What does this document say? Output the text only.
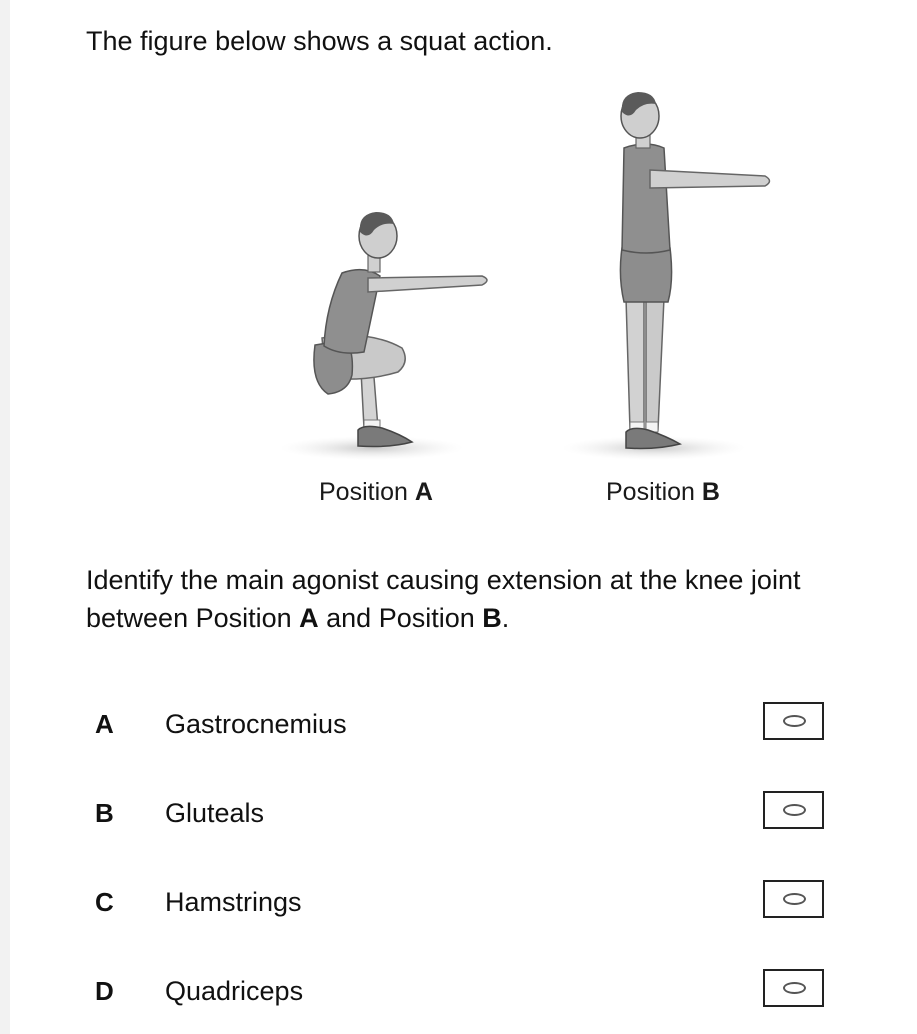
The figure below shows a squat action.
Position A	Position B
Identify the main agonist causing extension at the knee joint between Position A and Position B.
A Gastrocnemius
B Gluteals
C Hamstrings
D Quadriceps
